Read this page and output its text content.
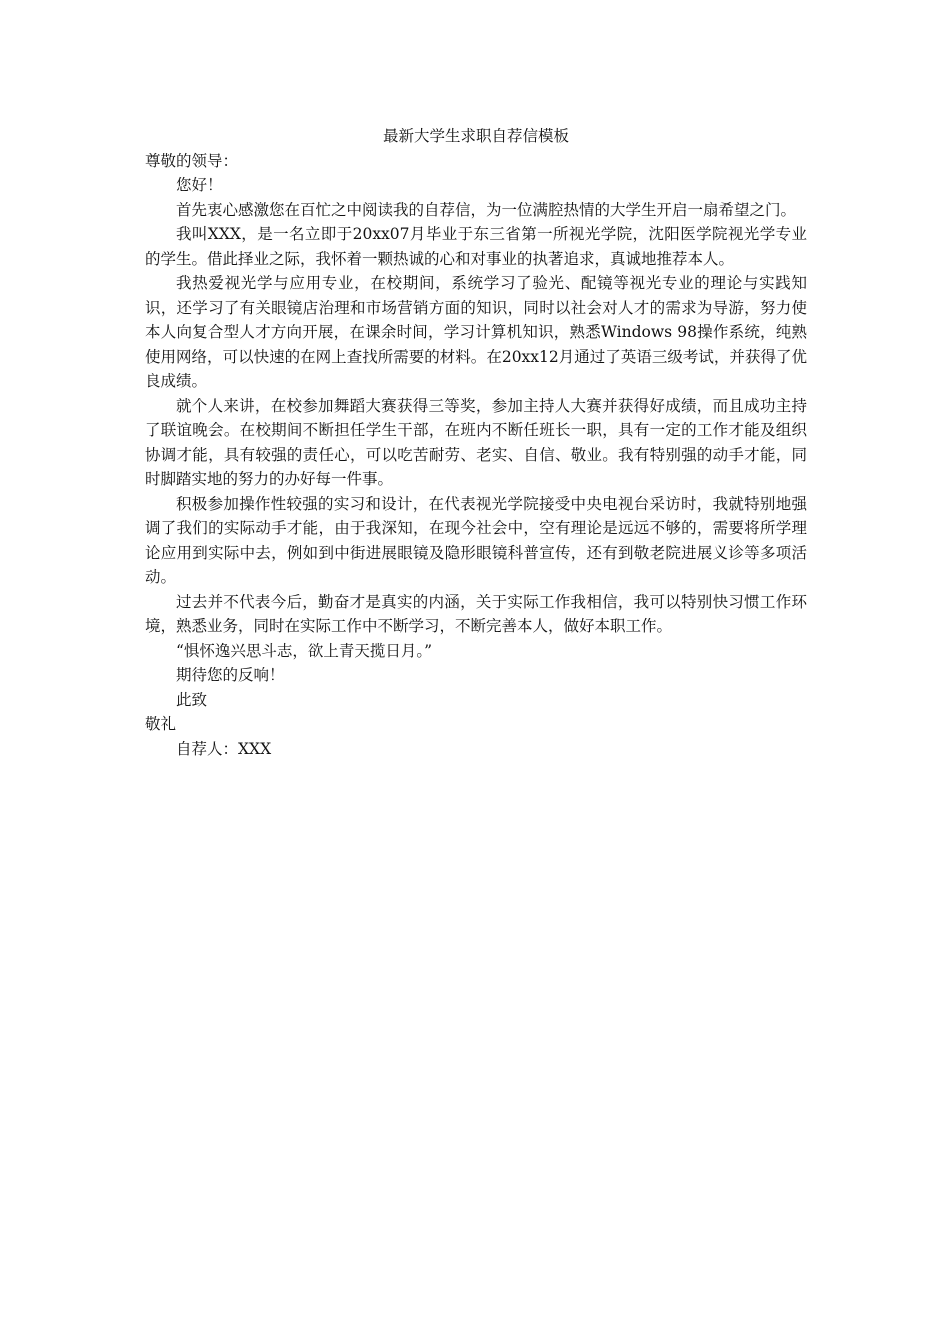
最新大学生求职自荐信模板

尊敬的领导：

您好！

首先衷心感激您在百忙之中阅读我的自荐信，为一位满腔热情的大学生开启一扇希望之门。

我叫XXX，是一名立即于20xx07月毕业于东三省第一所视光学院，沈阳医学院视光学专业的学生。借此择业之际，我怀着一颗热诚的心和对事业的执著追求，真诚地推荐本人。

我热爱视光学与应用专业，在校期间，系统学习了验光、配镜等视光专业的理论与实践知识，还学习了有关眼镜店治理和市场营销方面的知识，同时以社会对人才的需求为导游，努力使本人向复合型人才方向开展，在课余时间，学习计算机知识，熟悉Windows 98操作系统，纯熟使用网络，可以快速的在网上查找所需要的材料。在20xx12月通过了英语三级考试，并获得了优良成绩。

就个人来讲，在校参加舞蹈大赛获得三等奖，参加主持人大赛并获得好成绩，而且成功主持了联谊晚会。在校期间不断担任学生干部，在班内不断任班长一职，具有一定的工作才能及组织协调才能，具有较强的责任心，可以吃苦耐劳、老实、自信、敬业。我有特别强的动手才能，同时脚踏实地的努力的办好每一件事。

积极参加操作性较强的实习和设计，在代表视光学院接受中央电视台采访时，我就特别地强调了我们的实际动手才能，由于我深知，在现今社会中，空有理论是远远不够的，需要将所学理论应用到实际中去，例如到中街进展眼镜及隐形眼镜科普宣传，还有到敬老院进展义诊等多项活动。

过去并不代表今后，勤奋才是真实的内涵，关于实际工作我相信，我可以特别快习惯工作环境，熟悉业务，同时在实际工作中不断学习，不断完善本人，做好本职工作。

“惧怀逸兴思斗志，欲上青天揽日月。”

期待您的反响！

此致

敬礼

自荐人：XXX
